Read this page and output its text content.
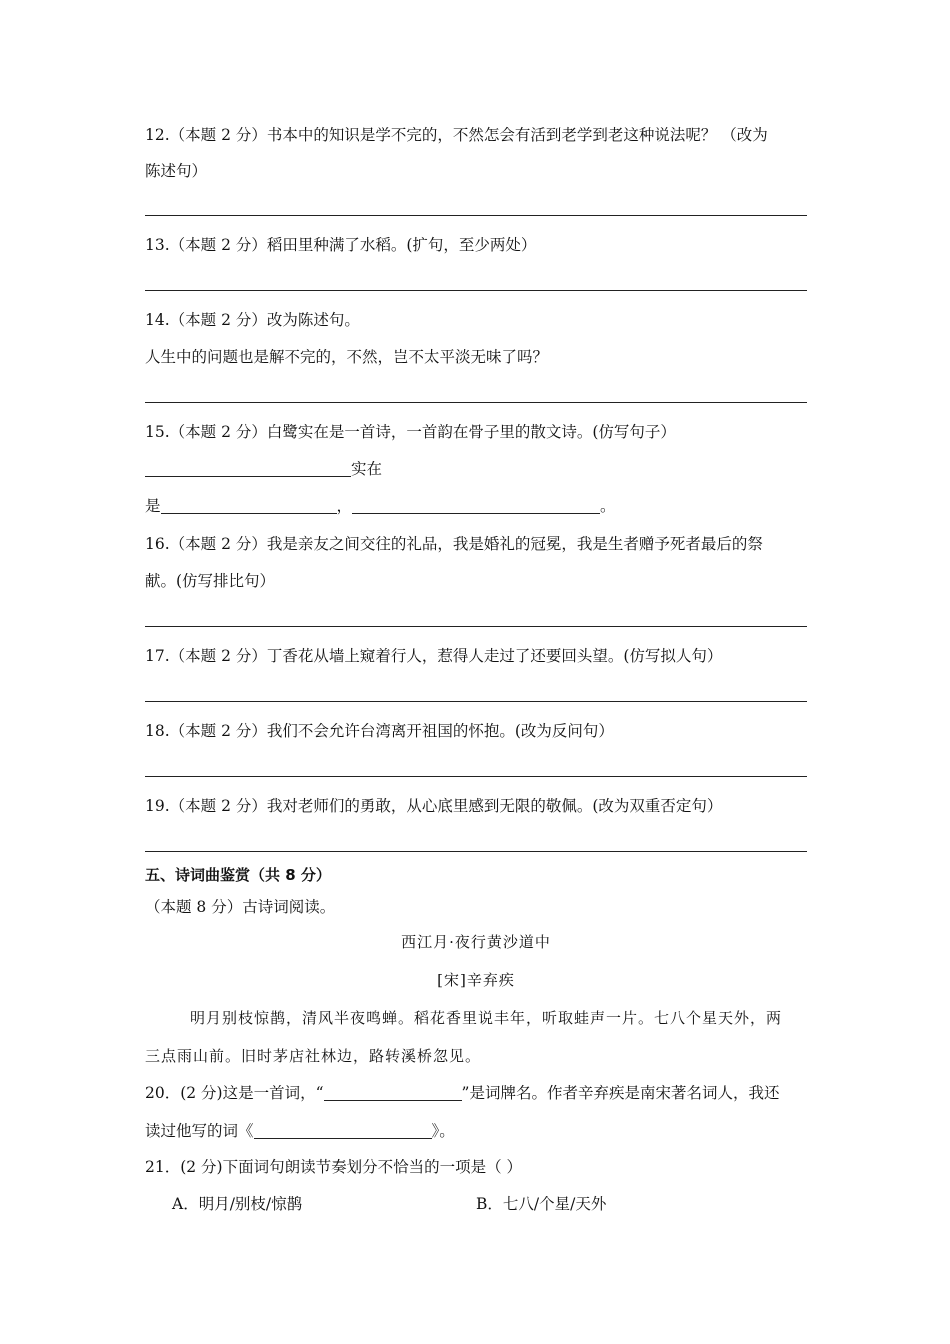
12.（本题 2 分）书本中的知识是学不完的，不然怎会有活到老学到老这种说法呢？ （改为
陈述句）
13.（本题 2 分）稻田里种满了水稻。(扩句，至少两处）
14.（本题 2 分）改为陈述句。
人生中的问题也是解不完的，不然，岂不太平淡无味了吗？
15.（本题 2 分）白鹭实在是一首诗，一首韵在骨子里的散文诗。(仿写句子）
实在
是	，	。
16.（本题 2 分）我是亲友之间交往的礼品，我是婚礼的冠冕，我是生者赠予死者最后的祭
献。(仿写排比句）
17.（本题 2 分）丁香花从墙上窥着行人，惹得人走过了还要回头望。(仿写拟人句）
18.（本题 2 分）我们不会允许台湾离开祖国的怀抱。(改为反问句）
19.（本题 2 分）我对老师们的勇敢，从心底里感到无限的敬佩。(改为双重否定句）
五、诗词曲鉴赏（共 8 分）
（本题 8 分）古诗词阅读。
西江月·夜行黄沙道中
[宋]辛弃疾
明月别枝惊鹊，清风半夜鸣蝉。稻花香里说丰年，听取蛙声一片。七八个星天外，两
三点雨山前。旧时茅店社林边，路转溪桥忽见。
20．(2 分)这是一首词，“	”是词牌名。作者辛弃疾是南宋著名词人，我还
读过他写的词《	》。
21．(2 分)下面词句朗读节奏划分不恰当的一项是（ ）
A．明月/别枝/惊鹊	B．七八/个星/天外
